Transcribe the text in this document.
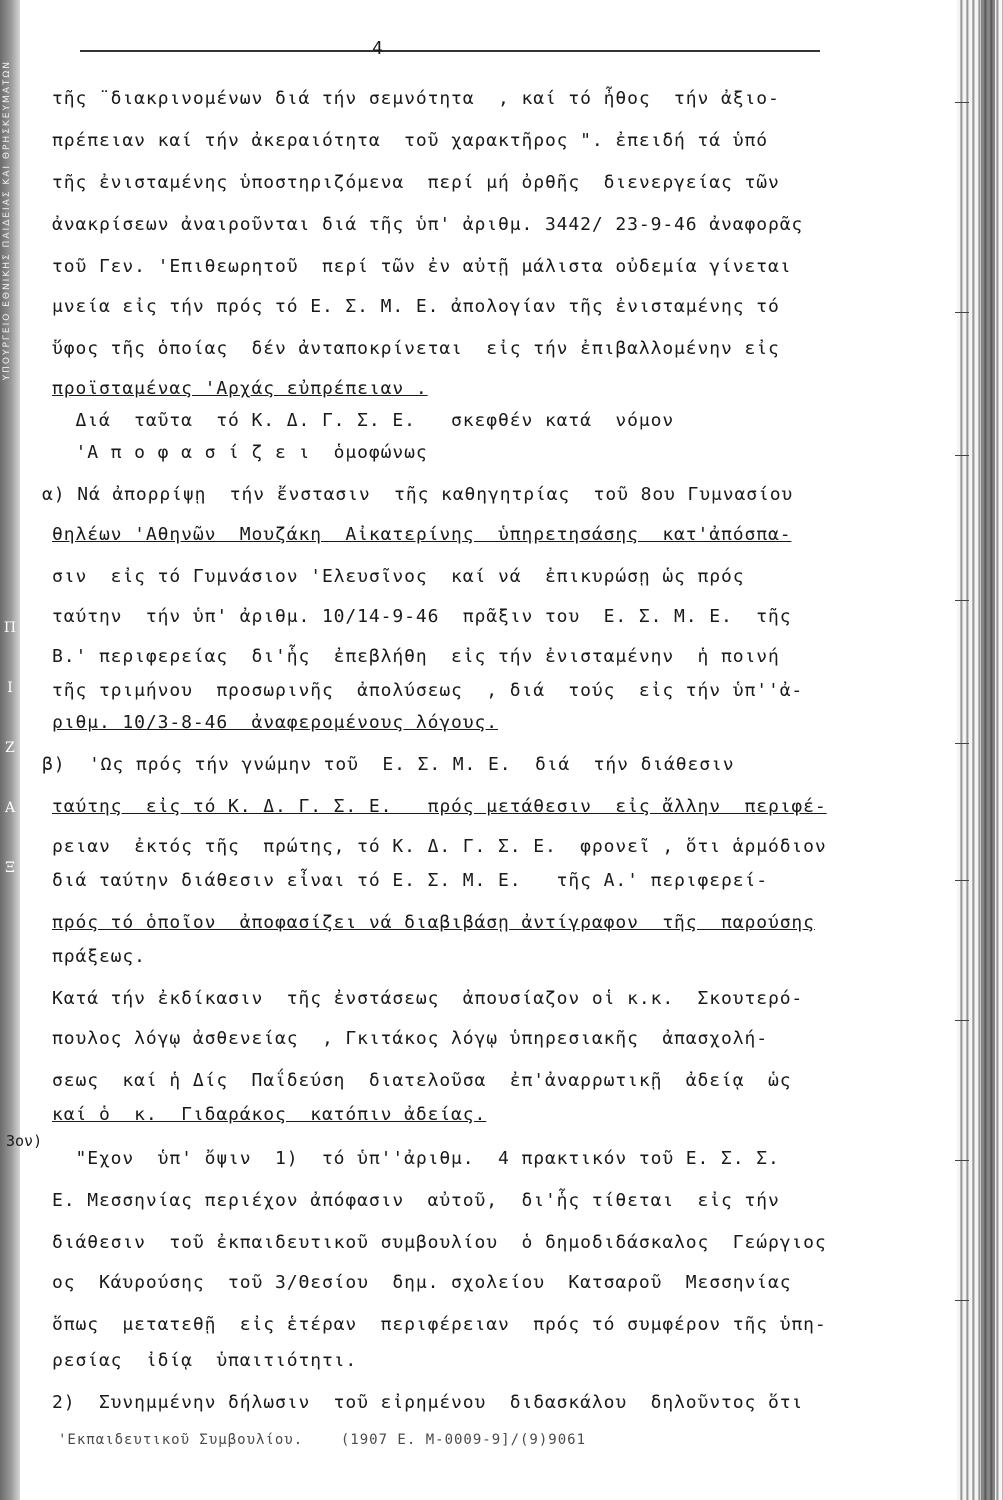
ΥΠΟΥΡΓΕΙΟ ΕΘΝΙΚΗΣ ΠΑΙΔΕΙΑΣ ΚΑΙ ΘΡΗΣΚΕΥΜΑΤΩΝ
Π
Ι
Ζ
Α
Ξ
4
3ον)
τῆς ¨διακρινομένων διά τήν σεμνότητα  , καί τό ἦθος  τήν ἀξιο-
πρέπειαν καί τήν ἀκεραιότητα  τοῦ χαρακτῆρος ". ἐπειδή τά ὑπό
τῆς ἐνισταμένης ὑποστηριζόμενα  περί μή ὀρθῆς  διενεργείας τῶν
ἀνακρίσεων ἀναιροῦνται διά τῆς ὑπ' ἀριθμ. 3442/ 23-9-46 ἀναφορᾶς
τοῦ Γεν. 'Επιθεωρητοῦ  περί τῶν ἐν αὐτῇ μάλιστα οὐδεμία γίνεται
μνεία εἰς τήν πρός τό Ε. Σ. Μ. Ε. ἀπολογίαν τῆς ἐνισταμένης τό
ὕφος τῆς ὁποίας  δέν ἀνταποκρίνεται  εἰς τήν ἐπιβαλλομένην εἰς
προϊσταμένας 'Αρχάς εὐπρέπειαν .
Διά  ταῦτα  τό Κ. Δ. Γ. Σ. Ε.   σκεφθέν κατά  νόμον
'Α π ο φ α σ ί ζ ε ι  ὁμοφώνως
α) Νά ἀπορρίψῃ  τήν ἔνστασιν  τῆς καθηγητρίας  τοῦ 8ου Γυμνασίου
θηλέων 'Αθηνῶν  Μουζάκη  Αἰκατερίνης  ὑπηρετησάσης  κατ'ἀπόσπα-
σιν  εἰς τό Γυμνάσιον 'Ελευσῖνος  καί νά  ἐπικυρώσῃ ὡς πρός
ταύτην  τήν ὑπ' ἀριθμ. 10/14-9-46  πρᾶξιν του  Ε. Σ. Μ. Ε.  τῆς
Β.' περιφερείας  δι'ἧς  ἐπεβλήθη  εἰς τήν ἐνισταμένην  ἡ ποινή
τῆς τριμήνου  προσωρινῆς  ἀπολύσεως  , διά  τούς  εἰς τήν ὑπ''ἀ-
ριθμ. 10/3-8-46  ἀναφερομένους λόγους.
β)  'Ως πρός τήν γνώμην τοῦ  Ε. Σ. Μ. Ε.  διά  τήν διάθεσιν
ταύτης  εἰς τό Κ. Δ. Γ. Σ. Ε.   πρός μετάθεσιν  εἰς ἄλλην  περιφέ-
ρειαν  ἐκτός τῆς  πρώτης, τό Κ. Δ. Γ. Σ. Ε.  φρονεῖ , ὅτι ἁρμόδιον
διά ταύτην διάθεσιν εἶναι τό Ε. Σ. Μ. Ε.   τῆς Α.' περιφερεί-
πρός τό ὁποῖον  ἀποφασίζει νά διαβιβάσῃ ἀντίγραφον  τῆς  παρούσης
πράξεως.
Κατά τήν ἐκδίκασιν  τῆς ἐνστάσεως  ἀπουσίαζον οἱ κ.κ.  Σκουτερό-
πουλος λόγῳ ἀσθενείας  , Γκιτάκος λόγῳ ὑπηρεσιακῆς  ἀπασχολή-
σεως  καί ἡ Δίς  Παΐδεύση  διατελοῦσα  ἐπ'ἀναρρωτικῇ  ἀδείᾳ  ὡς
καί ὁ  κ.  Γιδαράκος  κατόπιν ἀδείας.
"Εχον  ὑπ' ὄψιν  1)  τό ὑπ''ἀριθμ.  4 πρακτικόν τοῦ Ε. Σ. Σ.
Ε. Μεσσηνίας περιέχον ἀπόφασιν  αὐτοῦ,  δι'ἧς τίθεται  εἰς τήν
διάθεσιν  τοῦ ἐκπαιδευτικοῦ συμβουλίου  ὁ δημοδιδάσκαλος  Γεώργιος
ος  Κάυρούσης  τοῦ 3/Θεσίου  δημ. σχολείου  Κατσαροῦ  Μεσσηνίας
ὅπως  μετατεθῇ  εἰς ἑτέραν  περιφέρειαν  πρός τό συμφέρον τῆς ὑπη-
ρεσίας  ἰδίᾳ  ὑπαιτιότητι.
2)  Συνημμένην δήλωσιν  τοῦ εἰρημένου  διδασκάλου  δηλοῦντος ὅτι
'Εκπαιδευτικοῦ Συμβουλίου.    (1907 Ε. M-0009-9]/(9)9061
